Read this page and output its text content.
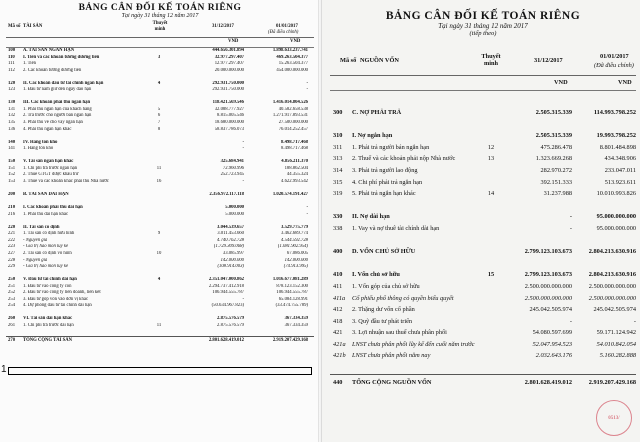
BẢNG CÂN ĐỐI KẾ TOÁN RIÊNG
Tại ngày 31 tháng 12 năm 2017
Mã số TÀI SẢN
Thuyết minh	31/12/2017	01/01/2017
(Đã điều chỉnh)
VND	VND
100	A. TÀI SẢN NGẮN HẠN	444.656.301.894	1.898.633.237.741
110	I. Tiền và các khoản tương đương tiền	3	32.977.297.407	469.263.504.377
111	1. Tiền	12.977.297.407	15.263.504.377
112	2. Các khoản tương đương tiền	20.000.000.000	454.000.000.000
120	II. Các khoản đầu tư tài chính ngắn hạn	4	292.931.750.000	-
123	1. Đầu tư nắm giữ đến ngày đáo hạn	292.931.750.000	-
130	III. Các khoản phải thu ngắn hạn	118.421.569.546	1.416.014.804.526
131	1. Phải thu ngắn hạn của khách hàng	5	32.088.777.927	40.582.658.538
132	2. Trả trước cho người bán ngắn hạn	6	8.815.005.546	1.271.917.893.531
135	3. Phải thu về cho vay ngắn hạn	7	18.680.000.000	27.500.000.000
136	4. Phải thu ngắn hạn khác	8	58.837.786.073	76.014.252.457
140	IV. Hàng tồn kho	-	8.498.717.468
141	1. Hàng tồn kho	-	8.498.717.468
150	V. Tài sản ngắn hạn khác	325.684.941	4.856.211.370
151	1. Chi phí trả trước ngắn hạn	11	72.960.996	188.862.504
152	2. Thuế GTGT được khấu trừ	252.723.945	44.355.324
153	3. Thuế và các khoản khác phải thu Nhà nước	16	-	4.622.993.542
200	B. TÀI SẢN DÀI HẠN	2.356.972.117.118	1.020.574.191.427
210	I. Các khoản phải thu dài hạn	5.000.000	-
216	1. Phải thu dài hạn khác	5.000.000	-
220	II. Tài sản cố định	3.044.539.657	3.529.775.779
221	1. Tài sản cố định hữu hình	9	3.011.453.660	3.462.689.774
222	- Nguyên giá	4.740.762.728	4.544.592.728
223	- Giá trị hao mòn lũy kế	(1.729.309.068)	(1.081.902.954)
227	2. Tài sản cố định vô hình	10	33.085.997	67.086.005
228	- Nguyên giá	142.000.000	142.000.000
229	- Giá trị hao mòn lũy kế	(108.914.003)	(74.913.995)
250	V. Đầu tư tài chính dài hạn	4	2.351.047.000.862	1.016.677.081.289
251	1. Đầu tư vào công ty con	2.294.737.412.918	878.123.152.300
252	2. Đầu tư vào công ty liên doanh, liên kết	106.944.555.787	106.944.555.787
253	3. Đầu tư góp vốn vào đơn vị khác	-	65.084.128.991
254	4. Dự phòng đầu tư tài chính dài hạn	(50.634.967.823)	(33.474.755.789)
260	VI. Tài sản dài hạn khác	2.875.576.579	367.334.359
261	1. Chi phí trả trước dài hạn	11	2.875.576.579	367.334.359
270	TỔNG CỘNG TÀI SẢN	2.801.628.419.012	2.919.207.429.168
BẢNG CÂN ĐỐI KẾ TOÁN RIÊNG
Tại ngày 31 tháng 12 năm 2017
(tiếp theo)
Mã số NGUỒN VỐN
Thuyết minh	31/12/2017
01/01/2017
(Đã điều chỉnh)
VND	VND
300	C. NỢ PHẢI TRẢ	2.505.315.339	114.993.798.252
310	I. Nợ ngắn hạn	2.505.315.339	19.993.798.252
311	1. Phải trả người bán ngắn hạn	12	475.286.478	8.801.484.898
313	2. Thuế và các khoản phải nộp Nhà nước	13	1.323.669.268	434.348.906
314	3. Phải trả người lao động	282.970.272	233.047.011
315	4. Chi phí phải trả ngắn hạn	392.151.333	513.923.611
319	5. Phải trả ngắn hạn khác	14	31.237.988	10.010.993.826
330	II. Nợ dài hạn	-	95.000.000.000
338	1. Vay và nợ thuê tài chính dài hạn	-	95.000.000.000
400	D. VỐN CHỦ SỞ HỮU	2.799.123.103.673	2.804.213.630.916
410	I. Vốn chủ sở hữu	15	2.799.123.103.673	2.804.213.630.916
411	1. Vốn góp của chủ sở hữu	2.500.000.000.000	2.500.000.000.000
411a	Cổ phiếu phổ thông có quyền biểu quyết	2.500.000.000.000	2.500.000.000.000
412	2. Thặng dư vốn cổ phần	245.042.505.974	245.042.505.974
418	3. Quỹ đầu tư phát triển	-	-
421	3. Lợi nhuận sau thuế chưa phân phối	54.080.597.699	59.171.124.942
421a	LNST chưa phân phối lũy kế đến cuối năm trước	52.047.954.523	54.010.842.054
421b	LNST chưa phân phối năm nay	2.032.643.176	5.160.282.888
440	TỔNG CỘNG NGUỒN VỐN	2.801.628.419.012	2.919.207.429.168
0513/
1
